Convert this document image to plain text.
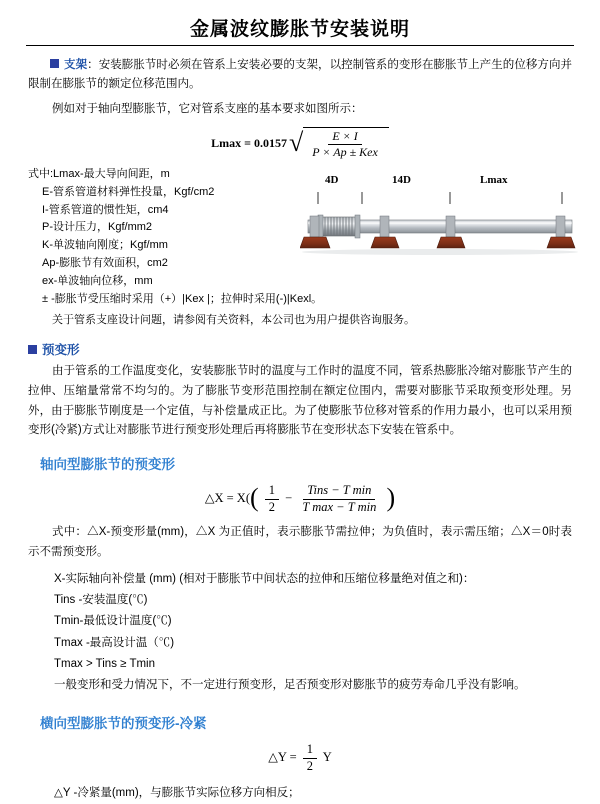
金属波纹膨胀节安装说明
支架：安装膨胀节时必须在管系上安装必要的支架，以控制管系的变形在膨胀节上产生的位移方向并限制在膨胀节的额定位移范围内。
例如对于轴向型膨胀节，它对管系支座的基本要求如图所示：
Lmax = 0.0157 √ $\frac{E \times I}{\text{P × Ap ± Kex}}$
式中:Lmax-最大导向间距，m
E-管系管道材料弹性投量，Kgf/cm2
I-管系管道的惯性矩，cm4
P-设计压力，Kgf/mm2
K-单波轴向刚度；Kgf/mm
Ap-膨胀节有效面积，cm2
ex-单波轴向位移，mm
± -膨胀节受压缩时采用（+）|Kex |；拉伸时采用(-)|Kexl。
4D	14D	Lmax
关于管系支座设计问题，请参阅有关资料，本公司也为用户提供咨询服务。
预变形
由于管系的工作温度变化，安装膨胀节时的温度与工作时的温度不同，管系热膨胀冷缩对膨胀节产生的拉伸、压缩量常常不均匀的。为了膨胀节变形范围控制在额定位围内，需要对膨胀节采取预变形处理。另外，由于膨胀节刚度是一个定值，与补偿量成正比。为了使膨胀节位移对管系的作用力最小，也可以采用预变形(冷紧)方式让对膨胀节进行预变形处理后再将膨胀节在变形状态下安装在管系中。
轴向型膨胀节的预变形
△X = $X(( \frac{1}{2} - \frac{\text{Tins − T min}}{\text{T max − T min}}$ )
式中：△X-预变形量(mm)，△X 为正值时，表示膨胀节需拉伸；为负值时，表示需压缩；△X＝0时表示不需预变形。
X-实际轴向补偿量 (mm) (相对于膨胀节中间状态的拉伸和压缩位移量绝对值之和)：
Tins -安装温度(℃)
Tmin-最低设计温度(℃)
Tmax -最高设计温（℃)
Tmax > Tins ≥ Tmin
一般变形和受力情况下，不一定进行预变形，足否预变形对膨胀节的疲劳寿命几乎没有影响。
横向型膨胀节的预变形-冷紧
△Y = $\frac{1}{2}$ Y
△Y -冷紧量(mm)，与膨胀节实际位移方向相反；
